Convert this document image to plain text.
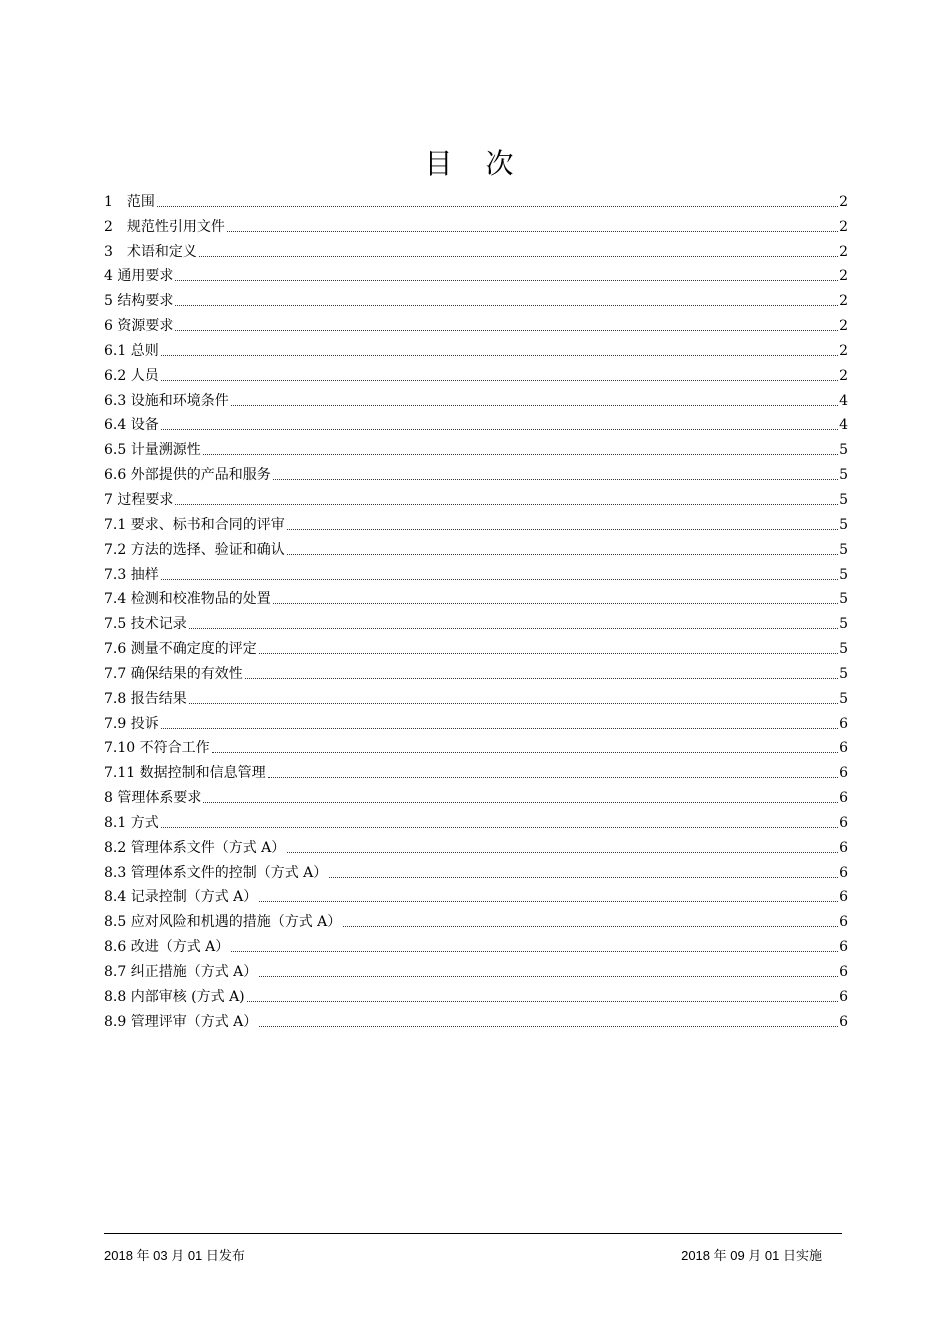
目 次
1　范围	2
2　规范性引用文件	2
3　术语和定义	2
4 通用要求	2
5 结构要求	2
6 资源要求	2
6.1 总则	2
6.2 人员	2
6.3 设施和环境条件	4
6.4 设备	4
6.5 计量溯源性	5
6.6 外部提供的产品和服务	5
7 过程要求	5
7.1 要求、标书和合同的评审	5
7.2 方法的选择、验证和确认	5
7.3 抽样	5
7.4 检测和校准物品的处置	5
7.5 技术记录	5
7.6 测量不确定度的评定	5
7.7 确保结果的有效性	5
7.8 报告结果	5
7.9 投诉	6
7.10 不符合工作	6
7.11 数据控制和信息管理	6
8 管理体系要求	6
8.1 方式	6
8.2 管理体系文件（方式 A）	6
8.3 管理体系文件的控制（方式 A）	6
8.4 记录控制（方式 A）	6
8.5 应对风险和机遇的措施（方式 A）	6
8.6 改进（方式 A）	6
8.7 纠正措施（方式 A）	6
8.8 内部审核 (方式 A)	6
8.9 管理评审（方式 A）	6
2018 年 03 月 01 日发布	2018 年 09 月 01 日实施
